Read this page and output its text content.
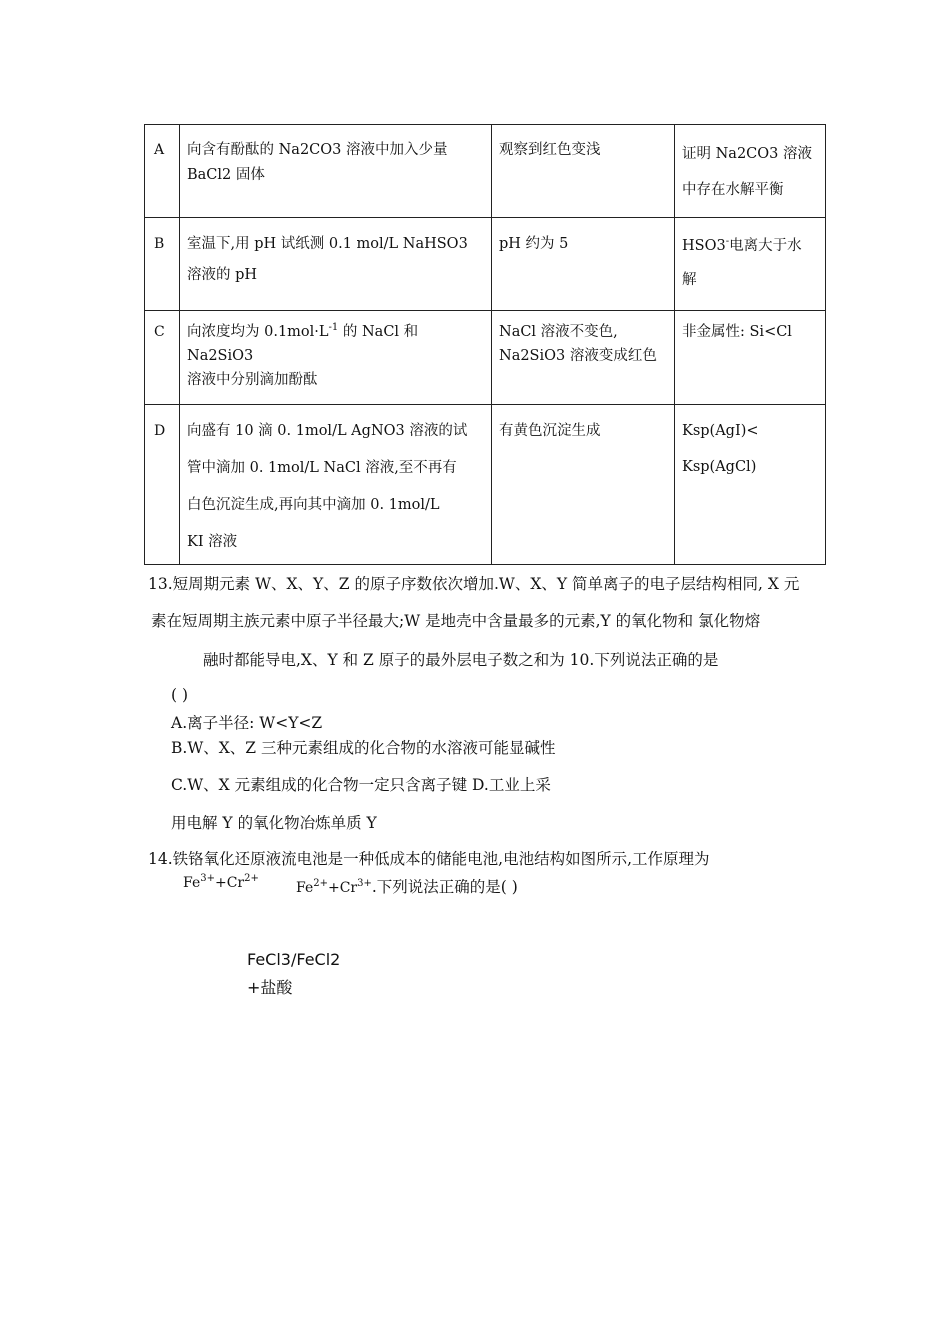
A	向含有酚酞的 Na2CO3 溶液中加入少量
BaCl2 固体	观察到红色变浅	证明 Na2CO3 溶液
中存在水解平衡

B	室温下,用 pH 试纸测 0.1 mol/L NaHSO3
溶液的 pH	pH 约为 5	HSO3-电离大于水
解

C	向浓度均为 $0.1mol\cdot L^{-1}$ 的 NaCl 和
Na2SiO3
溶液中分别滴加酚酞	NaCl 溶液不变色,
Na2SiO3 溶液变成红色	非金属性: Si<Cl

D	向盛有 10 滴 0. 1mol/L AgNO3 溶液的试
管中滴加 0. 1mol/L NaCl 溶液,至不再有
白色沉淀生成,再向其中滴加 0. 1mol/L
KI 溶液	有黄色沉淀生成	Ksp(AgI)<
Ksp(AgCl)
13.短周期元素 W、X、Y、Z 的原子序数依次增加.W、X、Y 简单离子的电子层结构相同, X 元
素在短周期主族元素中原子半径最大;W 是地壳中含量最多的元素,Y 的氧化物和 氯化物熔
融时都能导电,X、Y 和 Z 原子的最外层电子数之和为 10.下列说法正确的是
( )
A.离子半径: W<Y<Z
B.W、X、Z 三种元素组成的化合物的水溶液可能显碱性
C.W、X 元素组成的化合物一定只含离子键 D.工业上采
用电解 Y 的氧化物冶炼单质 Y
14.铁铬氧化还原液流电池是一种低成本的储能电池,电池结构如图所示,工作原理为
$Fe^{3+}+Cr^{2+}$
$Fe^{2+}+Cr^{3+}$.下列说法正确的是( )
FeCl3/FeCl2
+盐酸
